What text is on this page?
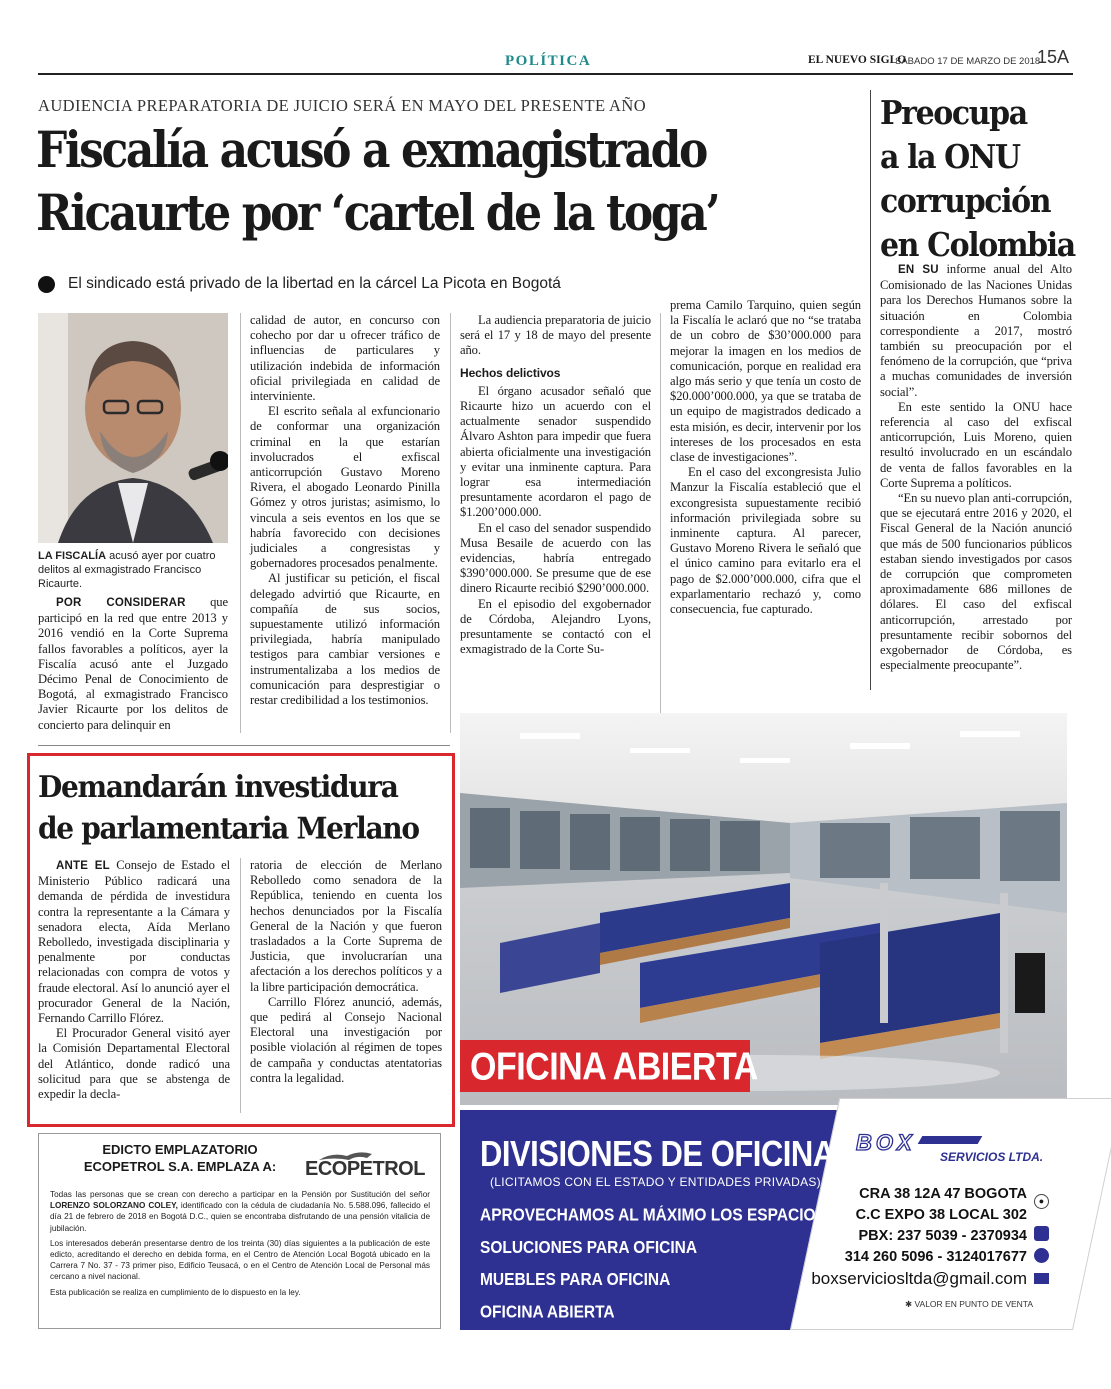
POLÍTICA	EL NUEVO SIGLO
SÁBADO 17 DE MARZO DE 2018
15A
AUDIENCIA PREPARATORIA DE JUICIO SERÁ EN MAYO DEL PRESENTE AÑO
Fiscalía acusó a exmagistrado
Ricaurte por ‘cartel de la toga’
El sindicado está privado de la libertad en la cárcel La Picota en Bogotá
LA FISCALÍA acusó ayer por cuatro delitos al exmagistrado Francisco Ricaurte.

POR CONSIDERAR que participó en la red que entre 2013 y 2016 vendió en la Corte Suprema fallos favorables a políticos, ayer la Fiscalía acusó ante el Juzgado Décimo Penal de Conocimiento de Bogotá, al exmagistrado Francisco Javier Ricaurte por los delitos de concierto para delinquir en

calidad de autor, en concurso con cohecho por dar u ofrecer tráfico de influencias de particulares y utilización indebida de información oficial privilegiada en calidad de interviniente.

El escrito señala al exfuncionario de conformar una organización criminal en la que estarían involucrados el exfiscal anticorrupción Gustavo Moreno Rivera, el abogado Leonardo Pinilla Gómez y otros juristas; asimismo, lo vincula a seis eventos en los que se habría favorecido con decisiones judiciales a congresistas y gobernadores procesados penalmente.

Al justificar su petición, el fiscal delegado advirtió que Ricaurte, en compañía de sus socios, supuestamente utilizó información privilegiada, habría manipulado testigos para cambiar versiones e instrumentalizaba a los medios de comunicación para desprestigiar o restar credibilidad a los testimonios.

La audiencia preparatoria de juicio será el 17 y 18 de mayo del presente año.

Hechos delictivos

El órgano acusador señaló que Ricaurte hizo un acuerdo con el actualmente senador suspendido Álvaro Ashton para impedir que fuera abierta oficialmente una investigación y evitar una inminente captura. Para lograr esa intermediación presuntamente acordaron el pago de $1.200’000.000.

En el caso del senador suspendido Musa Besaile de acuerdo con las evidencias, habría entregado $390’000.000. Se presume que de ese dinero Ricaurte recibió $290’000.000.

En el episodio del exgobernador de Córdoba, Alejandro Lyons, presuntamente se contactó con el exmagistrado de la Corte Su-

prema Camilo Tarquino, quien según la Fiscalía le aclaró que no “se trataba de un cobro de $30’000.000 para mejorar la imagen en los medios de comunicación, porque en realidad era algo más serio y que tenía un costo de $20.000’000.000, ya que se trataba de un equipo de magistrados dedicado a esta misión, es decir, intervenir por los intereses de los procesados en esta clase de investigaciones”.

En el caso del excongresista Julio Manzur la Fiscalía estableció que el excongresista supuestamente recibió información privilegiada sobre su inminente captura. Al parecer, Gustavo Moreno Rivera le señaló que el único camino para evitarlo era el pago de $2.000’000.000, cifra que el exparlamentario rechazó y, como consecuencia, fue capturado.

Preocupa
a la ONU
corrupción
en Colombia

EN SU informe anual del Alto Comisionado de las Naciones Unidas para los Derechos Humanos sobre la situación en Colombia correspondiente a 2017, mostró también su preocupación por el fenómeno de la corrupción, que “priva a muchas comunidades de inversión social”.

En este sentido la ONU hace referencia al caso del exfiscal anticorrupción, Luis Moreno, quien resultó involucrado en un escándalo de venta de fallos favorables en la Corte Suprema a políticos.

“En su nuevo plan anti-corrupción, que se ejecutará entre 2016 y 2020, el Fiscal General de la Nación anunció que más de 500 funcionarios públicos estaban siendo investigados por casos de corrupción que comprometen aproximadamente 686 millones de dólares. El caso del exfiscal anticorrupción, arrestado por presuntamente recibir sobornos del exgobernador de Córdoba, es especialmente preocupante”.

Demandarán investidura
de parlamentaria Merlano

ANTE EL Consejo de Estado el Ministerio Público radicará una demanda de pérdida de investidura contra la representante a la Cámara y senadora electa, Aída Merlano Rebolledo, investigada disciplinaria y penalmente por conductas relacionadas con compra de votos y fraude electoral. Así lo anunció ayer el procurador General de la Nación, Fernando Carrillo Flórez.

El Procurador General visitó ayer la Comisión Departamental Electoral del Atlántico, donde radicó una solicitud para que se abstenga de expedir la decla-

ratoria de elección de Merlano Rebolledo como senadora de la República, teniendo en cuenta los hechos denunciados por la Fiscalía General de la Nación y que fueron trasladados a la Corte Suprema de Justicia, que involucrarían una afectación a los derechos políticos y a la libre participación democrática.

Carrillo Flórez anunció, además, que pedirá al Consejo Nacional Electoral una investigación por posible violación al régimen de topes de campaña y conductas atentatorias contra la legalidad.

EDICTO EMPLAZATORIO
ECOPETROL S.A. EMPLAZA A:	ECOPETROL

Todas las personas que se crean con derecho a participar en la Pensión por Sustitución del señor LORENZO SOLORZANO COLEY, identificado con la cédula de ciudadanía No. 5.588.096, fallecido el día 21 de febrero de 2018 en Bogotá D.C., quien se encontraba disfrutando de una pensión vitalicia de jubilación.

Los interesados deberán presentarse dentro de los treinta (30) días siguientes a la publicación de este edicto, acreditando el derecho en debida forma, en el Centro de Atención Local Bogotá ubicado en la Carrera 7 No. 37 - 73 primer piso, Edificio Teusacá, o en el Centro de Atención Local de Personal más cercano a nivel nacional.

Esta publicación se realiza en cumplimiento de lo dispuesto en la ley.

OFICINA ABIERTA
DIVISIONES DE OFICINA
(LICITAMOS CON EL ESTADO Y ENTIDADES PRIVADAS)
APROVECHAMOS AL MÁXIMO LOS ESPACIOS
SOLUCIONES PARA OFICINA
MUEBLES PARA OFICINA
OFICINA ABIERTA
BOX
SERVICIOS LTDA.
CRA 38 12A 47 BOGOTA
C.C EXPO 38 LOCAL 302
PBX: 237 5039 - 2370934
314 260 5096 - 3124017677
boxserviciosltda@gmail.com
●
✱ VALOR EN PUNTO DE VENTA
